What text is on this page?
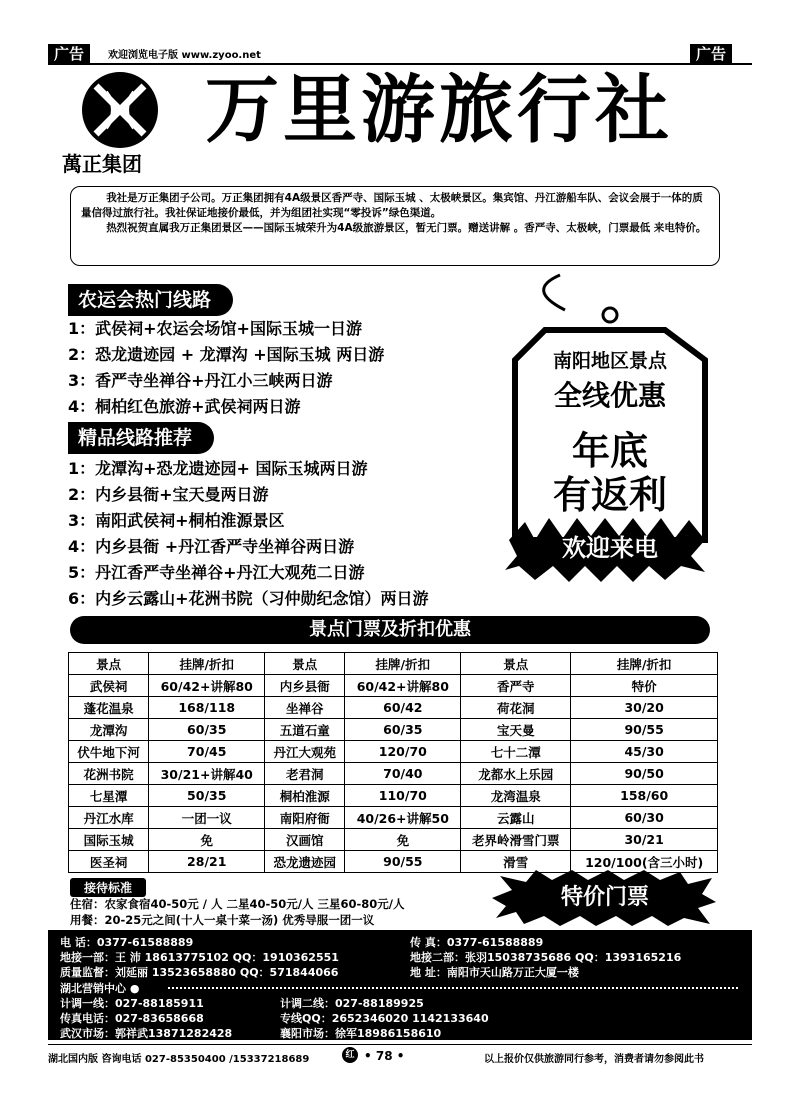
广告	欢迎浏览电子版 www.zyoo.net	广告
萬正集团
万里游旅行社

我社是万正集团子公司。万正集团拥有4A级景区香严寺、国际玉城 、太极峡景区。集宾馆、丹江游船车队、会议会展于一体的质量信得过旅行社。我社保证地接价最低，并为组团社实现“零投诉”绿色渠道。

热烈祝贺直属我万正集团景区——国际玉城荣升为4A级旅游景区，暂无门票。赠送讲解 。香严寺、太极峡，门票最低 来电特价。

农运会热门线路
1：武侯祠+农运会场馆+国际玉城一日游
2：恐龙遗迹园 + 龙潭沟 +国际玉城 两日游
3：香严寺坐禅谷+丹江小三峡两日游
4：桐柏红色旅游+武侯祠两日游
精品线路推荐
1：龙潭沟+恐龙遗迹园+ 国际玉城两日游
2：内乡县衙+宝天曼两日游
3：南阳武侯祠+桐柏淮源景区
4：内乡县衙 +丹江香严寺坐禅谷两日游
5：丹江香严寺坐禅谷+丹江大观苑二日游
6：内乡云露山+花洲书院（习仲勋纪念馆）两日游
南阳地区景点
全线优惠
年底
有返利
欢迎来电
景点门票及折扣优惠
景点	挂牌/折扣	景点	挂牌/折扣	景点	挂牌/折扣
武侯祠	60/42+讲解80	内乡县衙	60/42+讲解80	香严寺	特价
蓬花温泉	168/118	坐禅谷	60/42	荷花洞	30/20
龙潭沟	60/35	五道石童	60/35	宝天曼	90/55
伏牛地下河	70/45	丹江大观苑	120/70	七十二潭	45/30
花洲书院	30/21+讲解40	老君洞	70/40	龙都水上乐园	90/50
七星潭	50/35	桐柏淮源	110/70	龙湾温泉	158/60
丹江水库	一团一议	南阳府衙	40/26+讲解50	云露山	60/30
国际玉城	免	汉画馆	免	老界岭滑雪门票	30/21
医圣祠	28/21	恐龙遗迹园	90/55	滑雪	120/100(含三小时)
接待标准
住宿：农家食宿40-50元 / 人 二星40-50元/人 三星60-80元/人
用餐：20-25元之间(十人一桌十菜一汤) 优秀导服一团一议
特价门票
电 话：0377-61588889	传 真：0377-61588889
地接一部：王 沛 18613775102 QQ：1910362551	地接二部：张羽15038735686 QQ：1393165216
质量监督：刘延丽 13523658880 QQ：571844066	地 址：南阳市天山路万正大厦一楼
湖北营销中心 ●
计调一线：027-88185911	计调二线：027-88189925
传真电话：027-83658668	专线QQ：2652346020 1142133640
武汉市场：郭祥武13871282428	襄阳市场：徐军18986158610
湖北国内版 咨询电话 027-85350400 /15337218689	红 • 78 •	以上报价仅供旅游同行参考，消费者请勿参阅此书
